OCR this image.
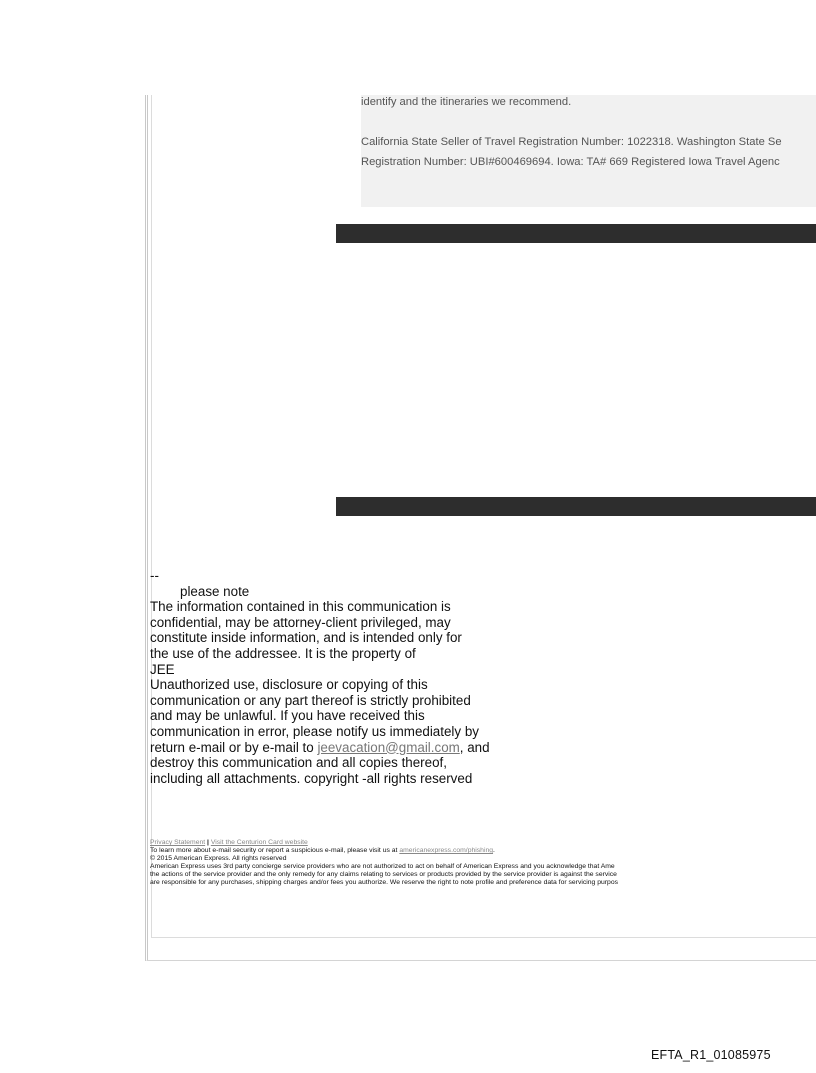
identify and the itineraries we recommend.

California State Seller of Travel Registration Number: 1022318. Washington State Se

Registration Number: UBI#600469694. Iowa: TA# 669 Registered Iowa Travel Agenc

--
please note
The information contained in this communication is
confidential, may be attorney-client privileged, may
constitute inside information, and is intended only for
the use of the addressee. It is the property of
JEE
Unauthorized use, disclosure or copying of this
communication or any part thereof is strictly prohibited
and may be unlawful. If you have received this
communication in error, please notify us immediately by
return e-mail or by e-mail to jeevacation@gmail.com, and
destroy this communication and all copies thereof,
including all attachments. copyright -all rights reserved
Privacy Statement | Visit the Centurion Card website
To learn more about e-mail security or report a suspicious e-mail, please visit us at americanexpress.com/phishing.
© 2015 American Express. All rights reserved
American Express uses 3rd party concierge service providers who are not authorized to act on behalf of American Express and you acknowledge that Ame
the actions of the service provider and the only remedy for any claims relating to services or products provided by the service provider is against the service
are responsible for any purchases, shipping charges and/or fees you authorize. We reserve the right to note profile and preference data for servicing purpos
EFTA_R1_01085975
